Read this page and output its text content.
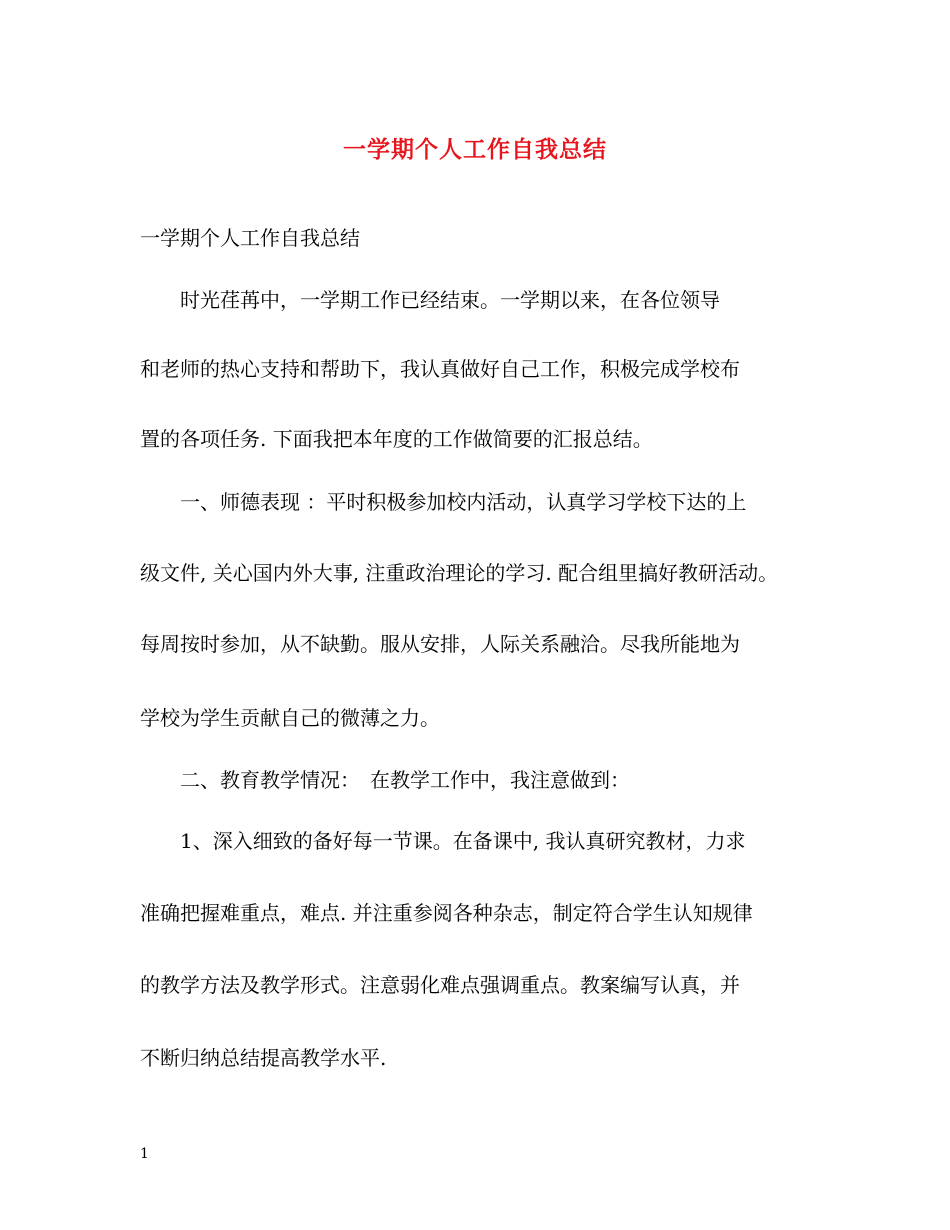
一学期个人工作自我总结
一学期个人工作自我总结
　　时光荏苒中，一学期工作已经结束。一学期以来，在各位领导
和老师的热心支持和帮助下，我认真做好自己工作，积极完成学校布
置的各项任务. 下面我把本年度的工作做简要的汇报总结。
　　一、师德表现 ：平时积极参加校内活动，认真学习学校下达的上
级文件, 关心国内外大事, 注重政治理论的学习. 配合组里搞好教研活动。
每周按时参加，从不缺勤。服从安排，人际关系融洽。尽我所能地为
学校为学生贡献自己的微薄之力。
　　二、教育教学情况：　在教学工作中，我注意做到：
　　1、深入细致的备好每一节课。在备课中, 我认真研究教材，力求
准确把握难重点，难点. 并注重参阅各种杂志，制定符合学生认知规律
的教学方法及教学形式。注意弱化难点强调重点。教案编写认真，并
不断归纳总结提高教学水平.
1
